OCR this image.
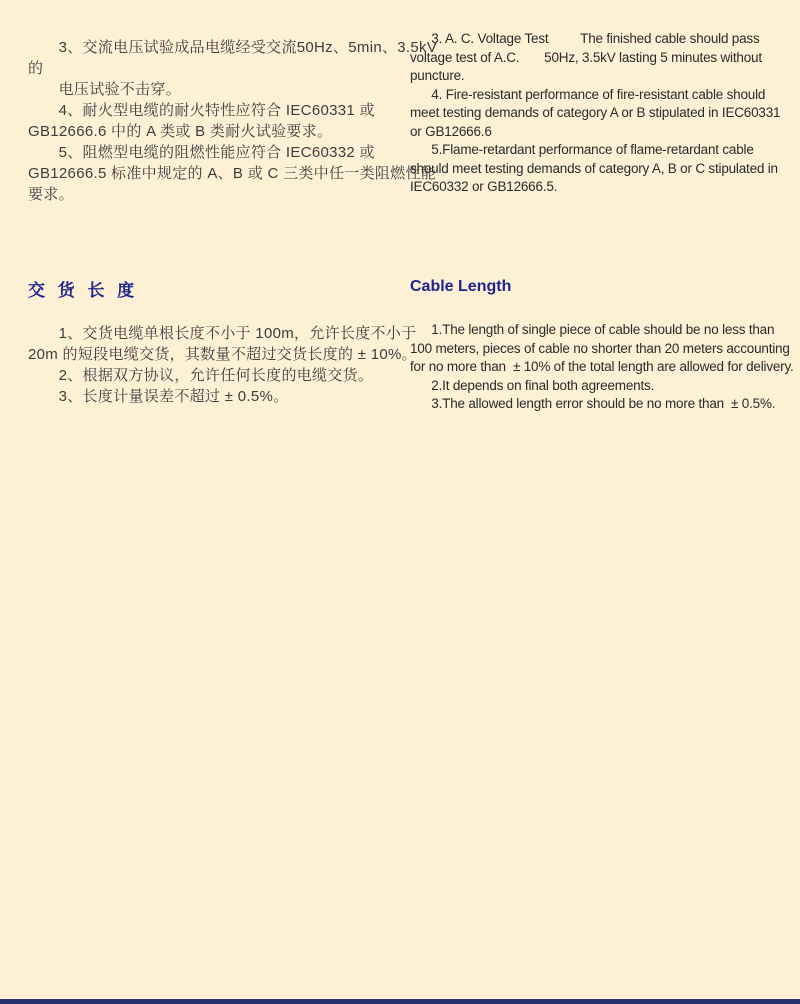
　　3、交流电压试验成品电缆经受交流50Hz、5min、3.5kV
的
　　电压试验不击穿。
　　4、耐火型电缆的耐火特性应符合 IEC60331 或
GB12666.6 中的 A 类或 B 类耐火试验要求。
　　5、阻燃型电缆的阻燃性能应符合 IEC60332 或
GB12666.5 标准中规定的 A、B 或 C 三类中任一类阻燃性能
要求。
3. A. C. Voltage Test         The finished cable should pass
voltage test of A.C.       50Hz, 3.5kV lasting 5 minutes without
puncture.
4. Fire-resistant performance of fire-resistant cable should
meet testing demands of category A or B stipulated in IEC60331
or GB12666.6
5.Flame-retardant performance of flame-retardant cable
should meet testing demands of category A, B or C stipulated in
IEC60332 or GB12666.5.
交 货 长 度	Cable Length
　　1、交货电缆单根长度不小于 100m，允许长度不小于
20m 的短段电缆交货，其数量不超过交货长度的 ± 10%。
　　2、根据双方协议，允许任何长度的电缆交货。
　　3、长度计量误差不超过 ± 0.5%。
1.The length of single piece of cable should be no less than
100 meters, pieces of cable no shorter than 20 meters accounting
for no more than  ± 10% of the total length are allowed for delivery.
2.It depends on final both agreements.
3.The allowed length error should be no more than  ± 0.5%.
